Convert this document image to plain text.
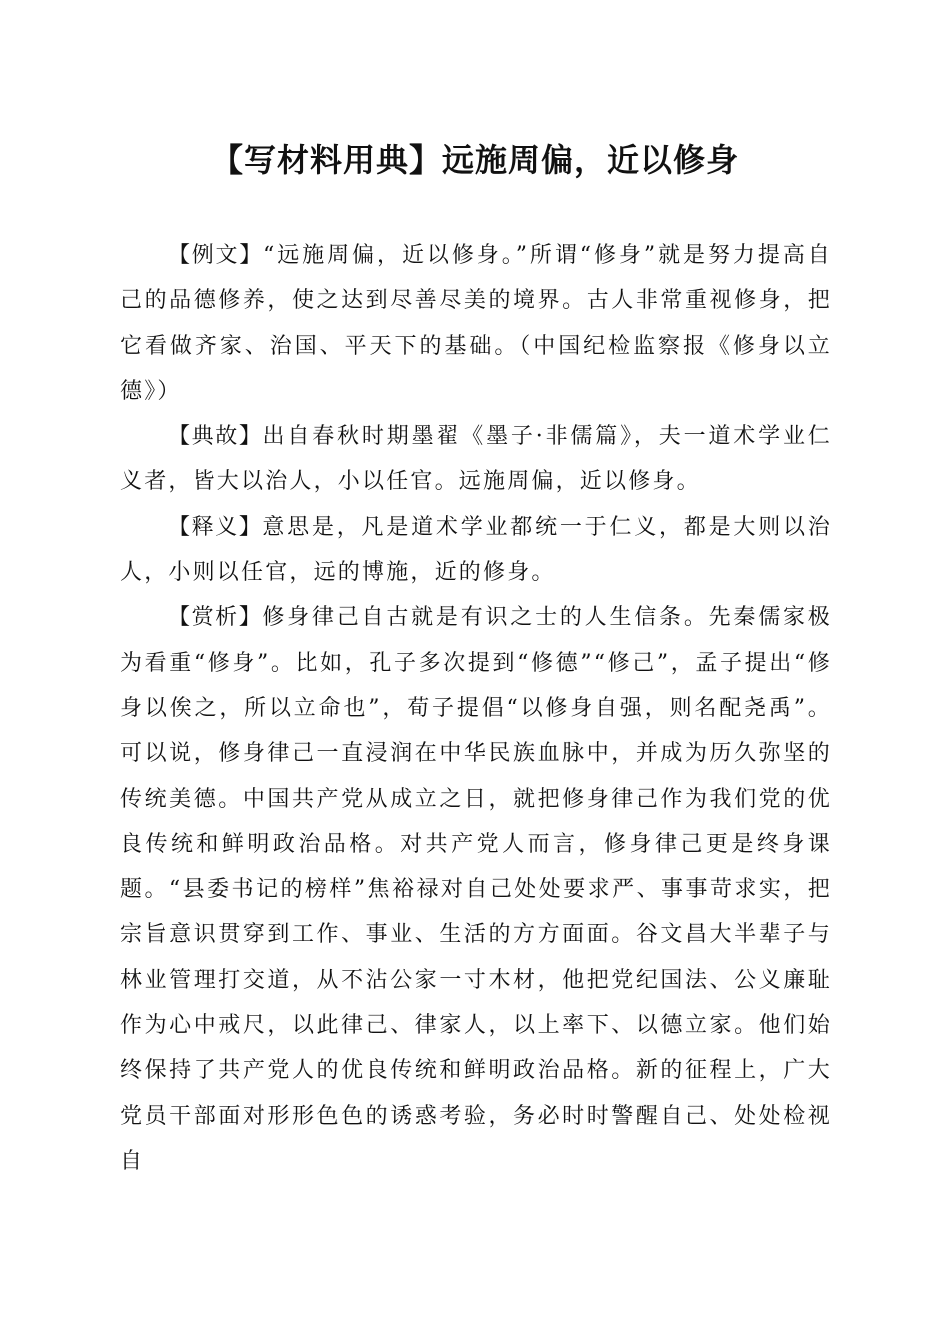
【写材料用典】远施周偏，近以修身

【例文】“远施周偏，近以修身。”所谓“修身”就是努力提高自己的品德修养，使之达到尽善尽美的境界。古人非常重视修身，把它看做齐家、治国、平天下的基础。（中国纪检监察报《修身以立德》）

【典故】出自春秋时期墨翟《墨子·非儒篇》，夫一道术学业仁义者，皆大以治人，小以任官。远施周偏，近以修身。

【释义】意思是，凡是道术学业都统一于仁义，都是大则以治人，小则以任官，远的博施，近的修身。

【赏析】修身律己自古就是有识之士的人生信条。先秦儒家极为看重“修身”。比如，孔子多次提到“修德”“修己”，孟子提出“修身以俟之，所以立命也”，荀子提倡“以修身自强，则名配尧禹”。可以说，修身律己一直浸润在中华民族血脉中，并成为历久弥坚的传统美德。中国共产党从成立之日，就把修身律己作为我们党的优良传统和鲜明政治品格。对共产党人而言，修身律己更是终身课题。“县委书记的榜样”焦裕禄对自己处处要求严、事事苛求实，把宗旨意识贯穿到工作、事业、生活的方方面面。谷文昌大半辈子与林业管理打交道，从不沾公家一寸木材，他把党纪国法、公义廉耻作为心中戒尺，以此律己、律家人，以上率下、以德立家。他们始终保持了共产党人的优良传统和鲜明政治品格。新的征程上，广大党员干部面对形形色色的诱惑考验，务必时时警醒自己、处处检视自
